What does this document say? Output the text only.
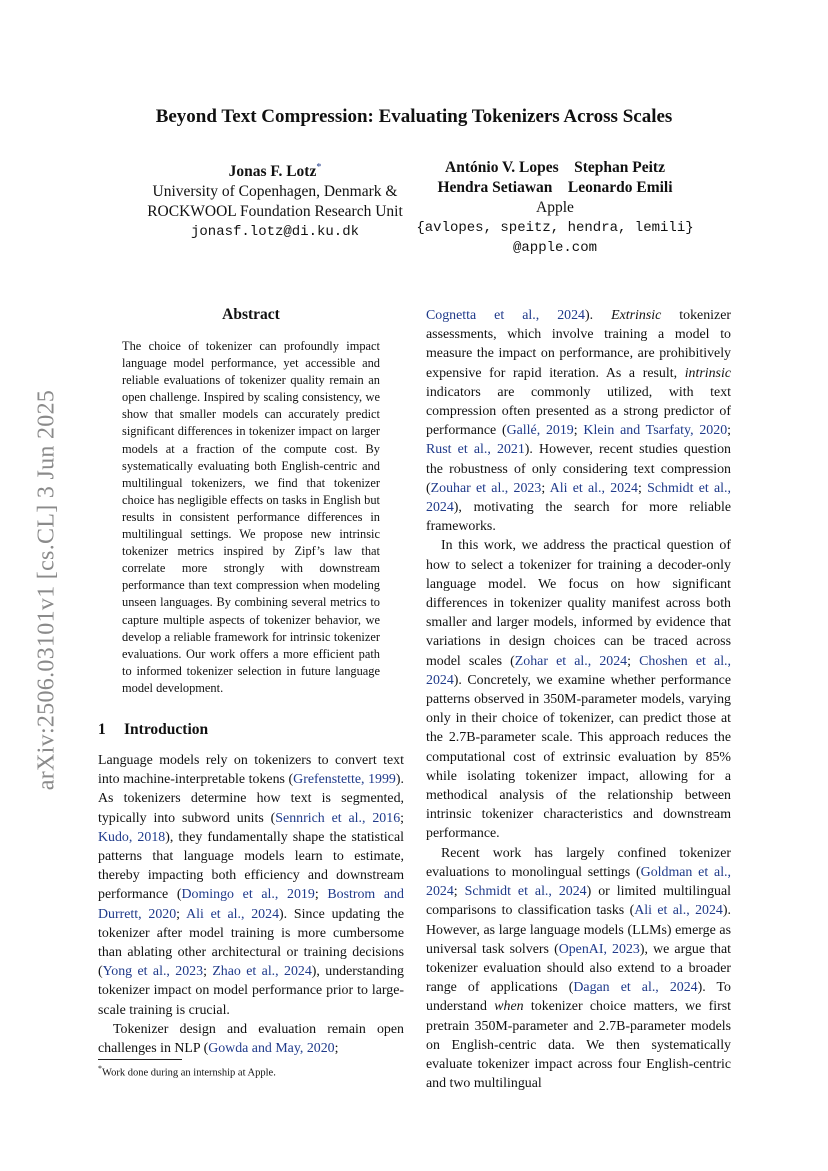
arXiv:2506.03101v1 [cs.CL] 3 Jun 2025
Beyond Text Compression: Evaluating Tokenizers Across Scales
Jonas F. Lotz*
University of Copenhagen, Denmark &
ROCKWOOL Foundation Research Unit
jonasf.lotz@di.ku.dk
António V. Lopes    Stephan Peitz
Hendra Setiawan    Leonardo Emili
Apple
{avlopes, speitz, hendra, lemili}
@apple.com
Abstract
The choice of tokenizer can profoundly impact language model performance, yet accessible and reliable evaluations of tokenizer quality remain an open challenge. Inspired by scaling consistency, we show that smaller models can accurately predict significant differences in tokenizer impact on larger models at a fraction of the compute cost. By systematically evaluating both English-centric and multilingual tokenizers, we find that tokenizer choice has negligible effects on tasks in English but results in consistent performance differences in multilingual settings. We propose new intrinsic tokenizer metrics inspired by Zipf’s law that correlate more strongly with downstream performance than text compression when modeling unseen languages. By combining several metrics to capture multiple aspects of tokenizer behavior, we develop a reliable framework for intrinsic tokenizer evaluations. Our work offers a more efficient path to informed tokenizer selection in future language model development.
1 Introduction

Language models rely on tokenizers to convert text into machine-interpretable tokens (Grefenstette, 1999). As tokenizers determine how text is segmented, typically into subword units (Sennrich et al., 2016; Kudo, 2018), they fundamentally shape the statistical patterns that language models learn to estimate, thereby impacting both efficiency and downstream performance (Domingo et al., 2019; Bostrom and Durrett, 2020; Ali et al., 2024). Since updating the tokenizer after model training is more cumbersome than ablating other architectural or training decisions (Yong et al., 2023; Zhao et al., 2024), understanding tokenizer impact on model performance prior to large-scale training is crucial.

Tokenizer design and evaluation remain open challenges in NLP (Gowda and May, 2020;

Cognetta et al., 2024). Extrinsic tokenizer assessments, which involve training a model to measure the impact on performance, are prohibitively expensive for rapid iteration. As a result, intrinsic indicators are commonly utilized, with text compression often presented as a strong predictor of performance (Gallé, 2019; Klein and Tsarfaty, 2020; Rust et al., 2021). However, recent studies question the robustness of only considering text compression (Zouhar et al., 2023; Ali et al., 2024; Schmidt et al., 2024), motivating the search for more reliable frameworks.

In this work, we address the practical question of how to select a tokenizer for training a decoder-only language model. We focus on how significant differences in tokenizer quality manifest across both smaller and larger models, informed by evidence that variations in design choices can be traced across model scales (Zohar et al., 2024; Choshen et al., 2024). Concretely, we examine whether performance patterns observed in 350M-parameter models, varying only in their choice of tokenizer, can predict those at the 2.7B-parameter scale. This approach reduces the computational cost of extrinsic evaluation by 85% while isolating tokenizer impact, allowing for a methodical analysis of the relationship between intrinsic tokenizer characteristics and downstream performance.

Recent work has largely confined tokenizer evaluations to monolingual settings (Goldman et al., 2024; Schmidt et al., 2024) or limited multilingual comparisons to classification tasks (Ali et al., 2024). However, as large language models (LLMs) emerge as universal task solvers (OpenAI, 2023), we argue that tokenizer evaluation should also extend to a broader range of applications (Dagan et al., 2024). To understand when tokenizer choice matters, we first pretrain 350M-parameter and 2.7B-parameter models on English-centric data. We then systematically evaluate tokenizer impact across four English-centric and two multilingual

*Work done during an internship at Apple.
